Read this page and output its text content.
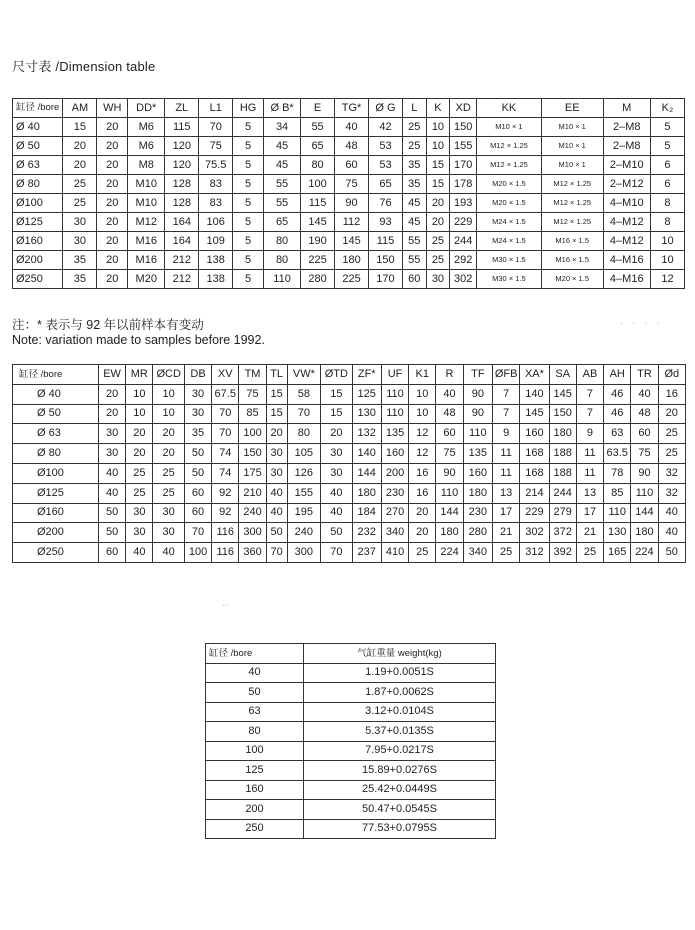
尺寸表 /Dimension table
缸径 /bore	AM	WH	DD*	ZL	L1	HG	Ø B*	E	TG*	Ø G	L	K	XD	KK	EE	M	K₂
Ø 40	15	20	M6	115	70	5	34	55	40	42	25	10	150	M10 × 1	M10 × 1	2–M8	5
Ø 50	20	20	M6	120	75	5	45	65	48	53	25	10	155	M12 × 1.25	M10 × 1	2–M8	5
Ø 63	20	20	M8	120	75.5	5	45	80	60	53	35	15	170	M12 × 1.25	M10 × 1	2–M10	6
Ø 80	25	20	M10	128	83	5	55	100	75	65	35	15	178	M20 × 1.5	M12 × 1.25	2–M12	6
Ø100	25	20	M10	128	83	5	55	115	90	76	45	20	193	M20 × 1.5	M12 × 1.25	4–M10	8
Ø125	30	20	M12	164	106	5	65	145	112	93	45	20	229	M24 × 1.5	M12 × 1.25	4–M12	8
Ø160	30	20	M16	164	109	5	80	190	145	115	55	25	244	M24 × 1.5	M16 × 1.5	4–M12	10
Ø200	35	20	M16	212	138	5	80	225	180	150	55	25	292	M30 × 1.5	M16 × 1.5	4–M16	10
Ø250	35	20	M20	212	138	5	110	280	225	170	60	30	302	M30 × 1.5	M20 × 1.5	4–M16	12
注：* 表示与 92 年以前样本有变动
Note: variation made to samples before 1992.
· · · ·
缸径 /bore	EW	MR	ØCD	DB	XV	TM	TL	VW*	ØTD	ZF*	UF	K1	R	TF	ØFB	XA*	SA	AB	AH	TR	Ød
Ø 40	20	10	10	30	67.5	75	15	58	15	125	110	10	40	90	7	140	145	7	46	40	16
Ø 50	20	10	10	30	70	85	15	70	15	130	110	10	48	90	7	145	150	7	46	48	20
Ø 63	30	20	20	35	70	100	20	80	20	132	135	12	60	110	9	160	180	9	63	60	25
Ø 80	30	20	20	50	74	150	30	105	30	140	160	12	75	135	11	168	188	11	63.5	75	25
Ø100	40	25	25	50	74	175	30	126	30	144	200	16	90	160	11	168	188	11	78	90	32
Ø125	40	25	25	60	92	210	40	155	40	180	230	16	110	180	13	214	244	13	85	110	32
Ø160	50	30	30	60	92	240	40	195	40	184	270	20	144	230	17	229	279	17	110	144	40
Ø200	50	30	30	70	116	300	50	240	50	232	340	20	180	280	21	302	372	21	130	180	40
Ø250	60	40	40	100	116	360	70	300	70	237	410	25	224	340	25	312	392	25	165	224	50
‥
缸径 /bore	气缸重量 weight(kg)
40	1.19+0.0051S
50	1.87+0.0062S
63	3.12+0.0104S
80	5.37+0.0135S
100	7.95+0.0217S
125	15.89+0.0276S
160	25.42+0.0449S
200	50.47+0.0545S
250	77.53+0.0795S
